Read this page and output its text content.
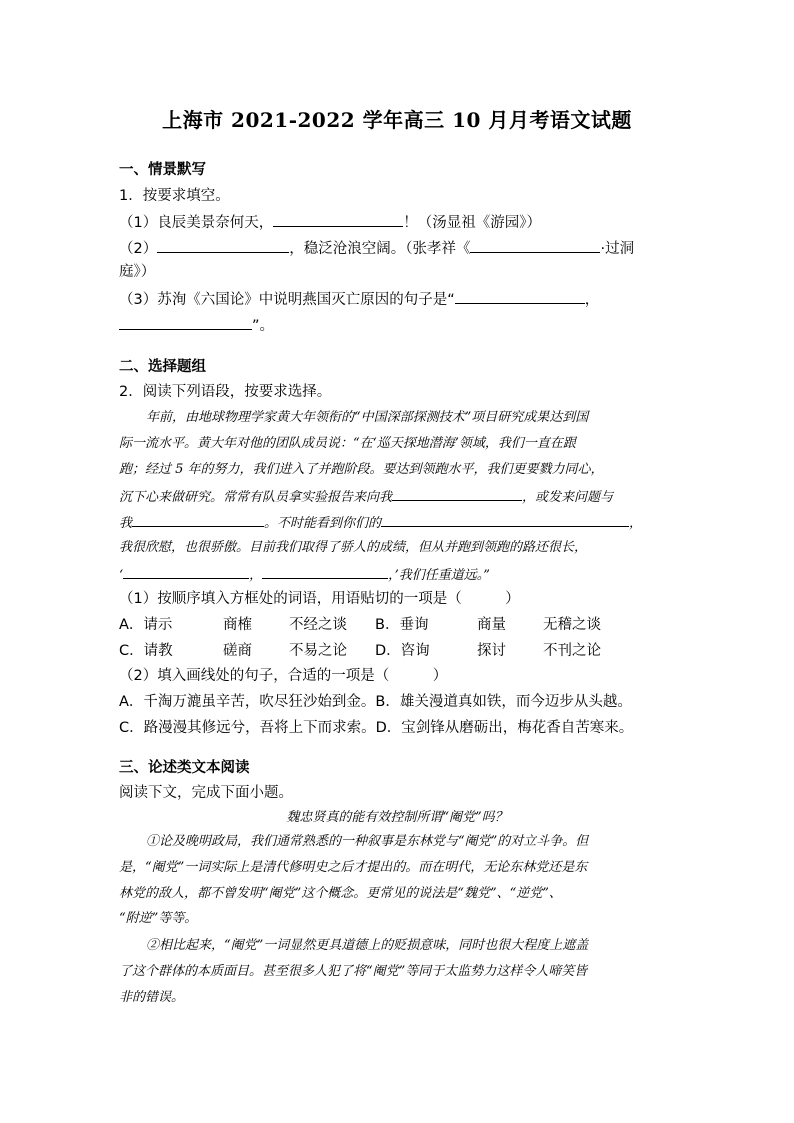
上海市 2021-2022 学年高三 10 月月考语文试题
一、情景默写
1．按要求填空。
（1）良辰美景奈何天，	！（汤显祖《游园》）
（2）	，稳泛沧浪空阔。（张孝祥《	·过洞
庭》）
（3）苏洵《六国论》中说明燕国灭亡原因的句子是“	，
”。
二、选择题组
2．阅读下列语段，按要求选择。
年前，由地球物理学家黄大年领衔的“中国深部探测技术”项目研究成果达到国
际一流水平。黄大年对他的团队成员说：“在‘巡天探地潜海’领域，我们一直在跟
跑；经过 5 年的努力，我们进入了并跑阶段。要达到领跑水平，我们更要戮力同心，
沉下心来做研究。常常有队员拿实验报告来向我	，或发来问题与
我	。不时能看到你们的	，
我很欣慰，也很骄傲。目前我们取得了骄人的成绩，但从并跑到领跑的路还很长，
‘	，	，’我们任重道远。”
（1）按顺序填入方框处的词语，用语贴切的一项是（　　　）
A．请示	商榷	不经之谈 B．垂询	商量	无稽之谈
C．请教	磋商	不易之论 D．咨询	探讨	不刊之论
（2）填入画线处的句子，合适的一项是（　　　）
A．千淘万漉虽辛苦，吹尽狂沙始到金。B．雄关漫道真如铁，而今迈步从头越。
C．路漫漫其修远兮，吾将上下而求索。D．宝剑锋从磨砺出，梅花香自苦寒来。
三、论述类文本阅读
阅读下文，完成下面小题。
魏忠贤真的能有效控制所谓“阉党”吗？
①论及晚明政局，我们通常熟悉的一种叙事是东林党与“阉党”的对立斗争。但
是，“阉党”一词实际上是清代修明史之后才提出的。而在明代，无论东林党还是东
林党的敌人，都不曾发明“阉党”这个概念。更常见的说法是“魏党”、“逆党”、
“附逆”等等。
②相比起来，“阉党”一词显然更具道德上的贬损意味，同时也很大程度上遮盖
了这个群体的本质面目。甚至很多人犯了将“阉党”等同于太监势力这样令人啼笑皆
非的错误。
